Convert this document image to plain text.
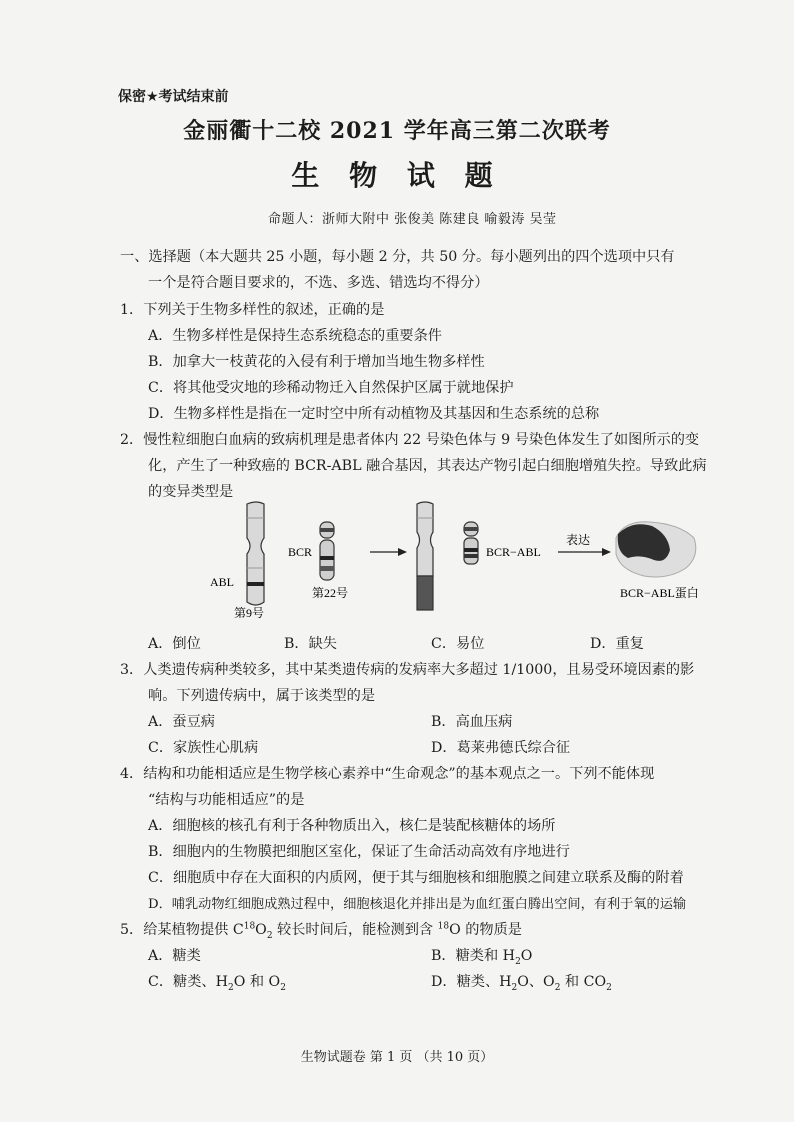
保密★考试结束前
金丽衢十二校 2021 学年高三第二次联考
生 物 试 题
命题人：浙师大附中 张俊美 陈建良 喻毅涛 吴莹
一、选择题（本大题共 25 小题，每小题 2 分，共 50 分。每小题列出的四个选项中只有
一个是符合题目要求的，不选、多选、错选均不得分）
1．下列关于生物多样性的叙述，正确的是
A．生物多样性是保持生态系统稳态的重要条件
B．加拿大一枝黄花的入侵有利于增加当地生物多样性
C．将其他受灾地的珍稀动物迁入自然保护区属于就地保护
D．生物多样性是指在一定时空中所有动植物及其基因和生态系统的总称
2．慢性粒细胞白血病的致病机理是患者体内 22 号染色体与 9 号染色体发生了如图所示的变
化，产生了一种致癌的 BCR-ABL 融合基因，其表达产物引起白细胞增殖失控。导致此病
的变异类型是
ABL
第9号
BCR
第22号
BCR−ABL
表达
BCR−ABL蛋白
A．倒位	B．缺失	C．易位	D．重复
3．人类遗传病种类较多，其中某类遗传病的发病率大多超过 1/1000，且易受环境因素的影
响。下列遗传病中，属于该类型的是
A．蚕豆病	B．高血压病
C．家族性心肌病	D．葛莱弗德氏综合征
4．结构和功能相适应是生物学核心素养中“生命观念”的基本观点之一。下列不能体现
“结构与功能相适应”的是
A．细胞核的核孔有利于各种物质出入，核仁是装配核糖体的场所
B．细胞内的生物膜把细胞区室化，保证了生命活动高效有序地进行
C．细胞质中存在大面积的内质网，便于其与细胞核和细胞膜之间建立联系及酶的附着
D．哺乳动物红细胞成熟过程中，细胞核退化并排出是为血红蛋白腾出空间，有利于氧的运输
5．给某植物提供 $C^{18}O_2$ 较长时间后，能检测到含 $^{18}$O 的物质是
A．糖类	B．糖类和 $H_2O$
C．糖类、$H_2O$ 和 $O_2$	D．糖类、$H_2O$、$O_2$ 和 $CO_2$
生物试题卷 第 1 页 （共 10 页）
